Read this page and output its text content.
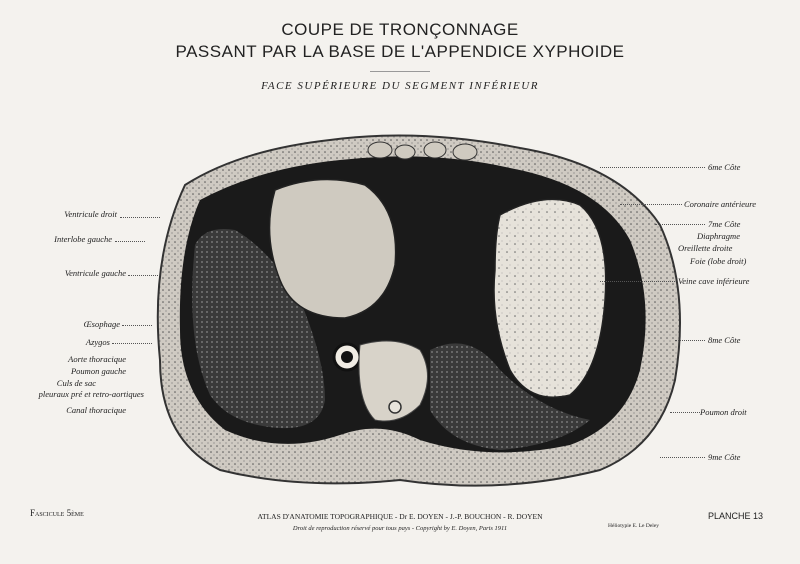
COUPE DE TRONÇONNAGE
PASSANT PAR LA BASE DE L'APPENDICE XYPHOIDE
FACE SUPÉRIEURE DU SEGMENT INFÉRIEUR
Ventricule droit
Interlobe gauche
Ventricule gauche
Œsophage
Azygos
Aorte thoracique
Poumon gauche
Culs de sac
pleuraux pré et retro-aortiques
Canal thoracique
6me Côte
Coronaire antérieure
7me Côte
Diaphragme
Oreillette droite
Foie (lobe droit)
Veine cave inférieure
8me Côte
Poumon droit
9me Côte
Fascicule 5ème	ATLAS D'ANATOMIE TOPOGRAPHIQUE - Dr E. DOYEN - J.-P. BOUCHON - R. DOYEN
Droit de reproduction réservé pour tous pays - Copyright by E. Doyen, Paris 1911	Héliotypie E. Le Deley
PLANCHE 13
